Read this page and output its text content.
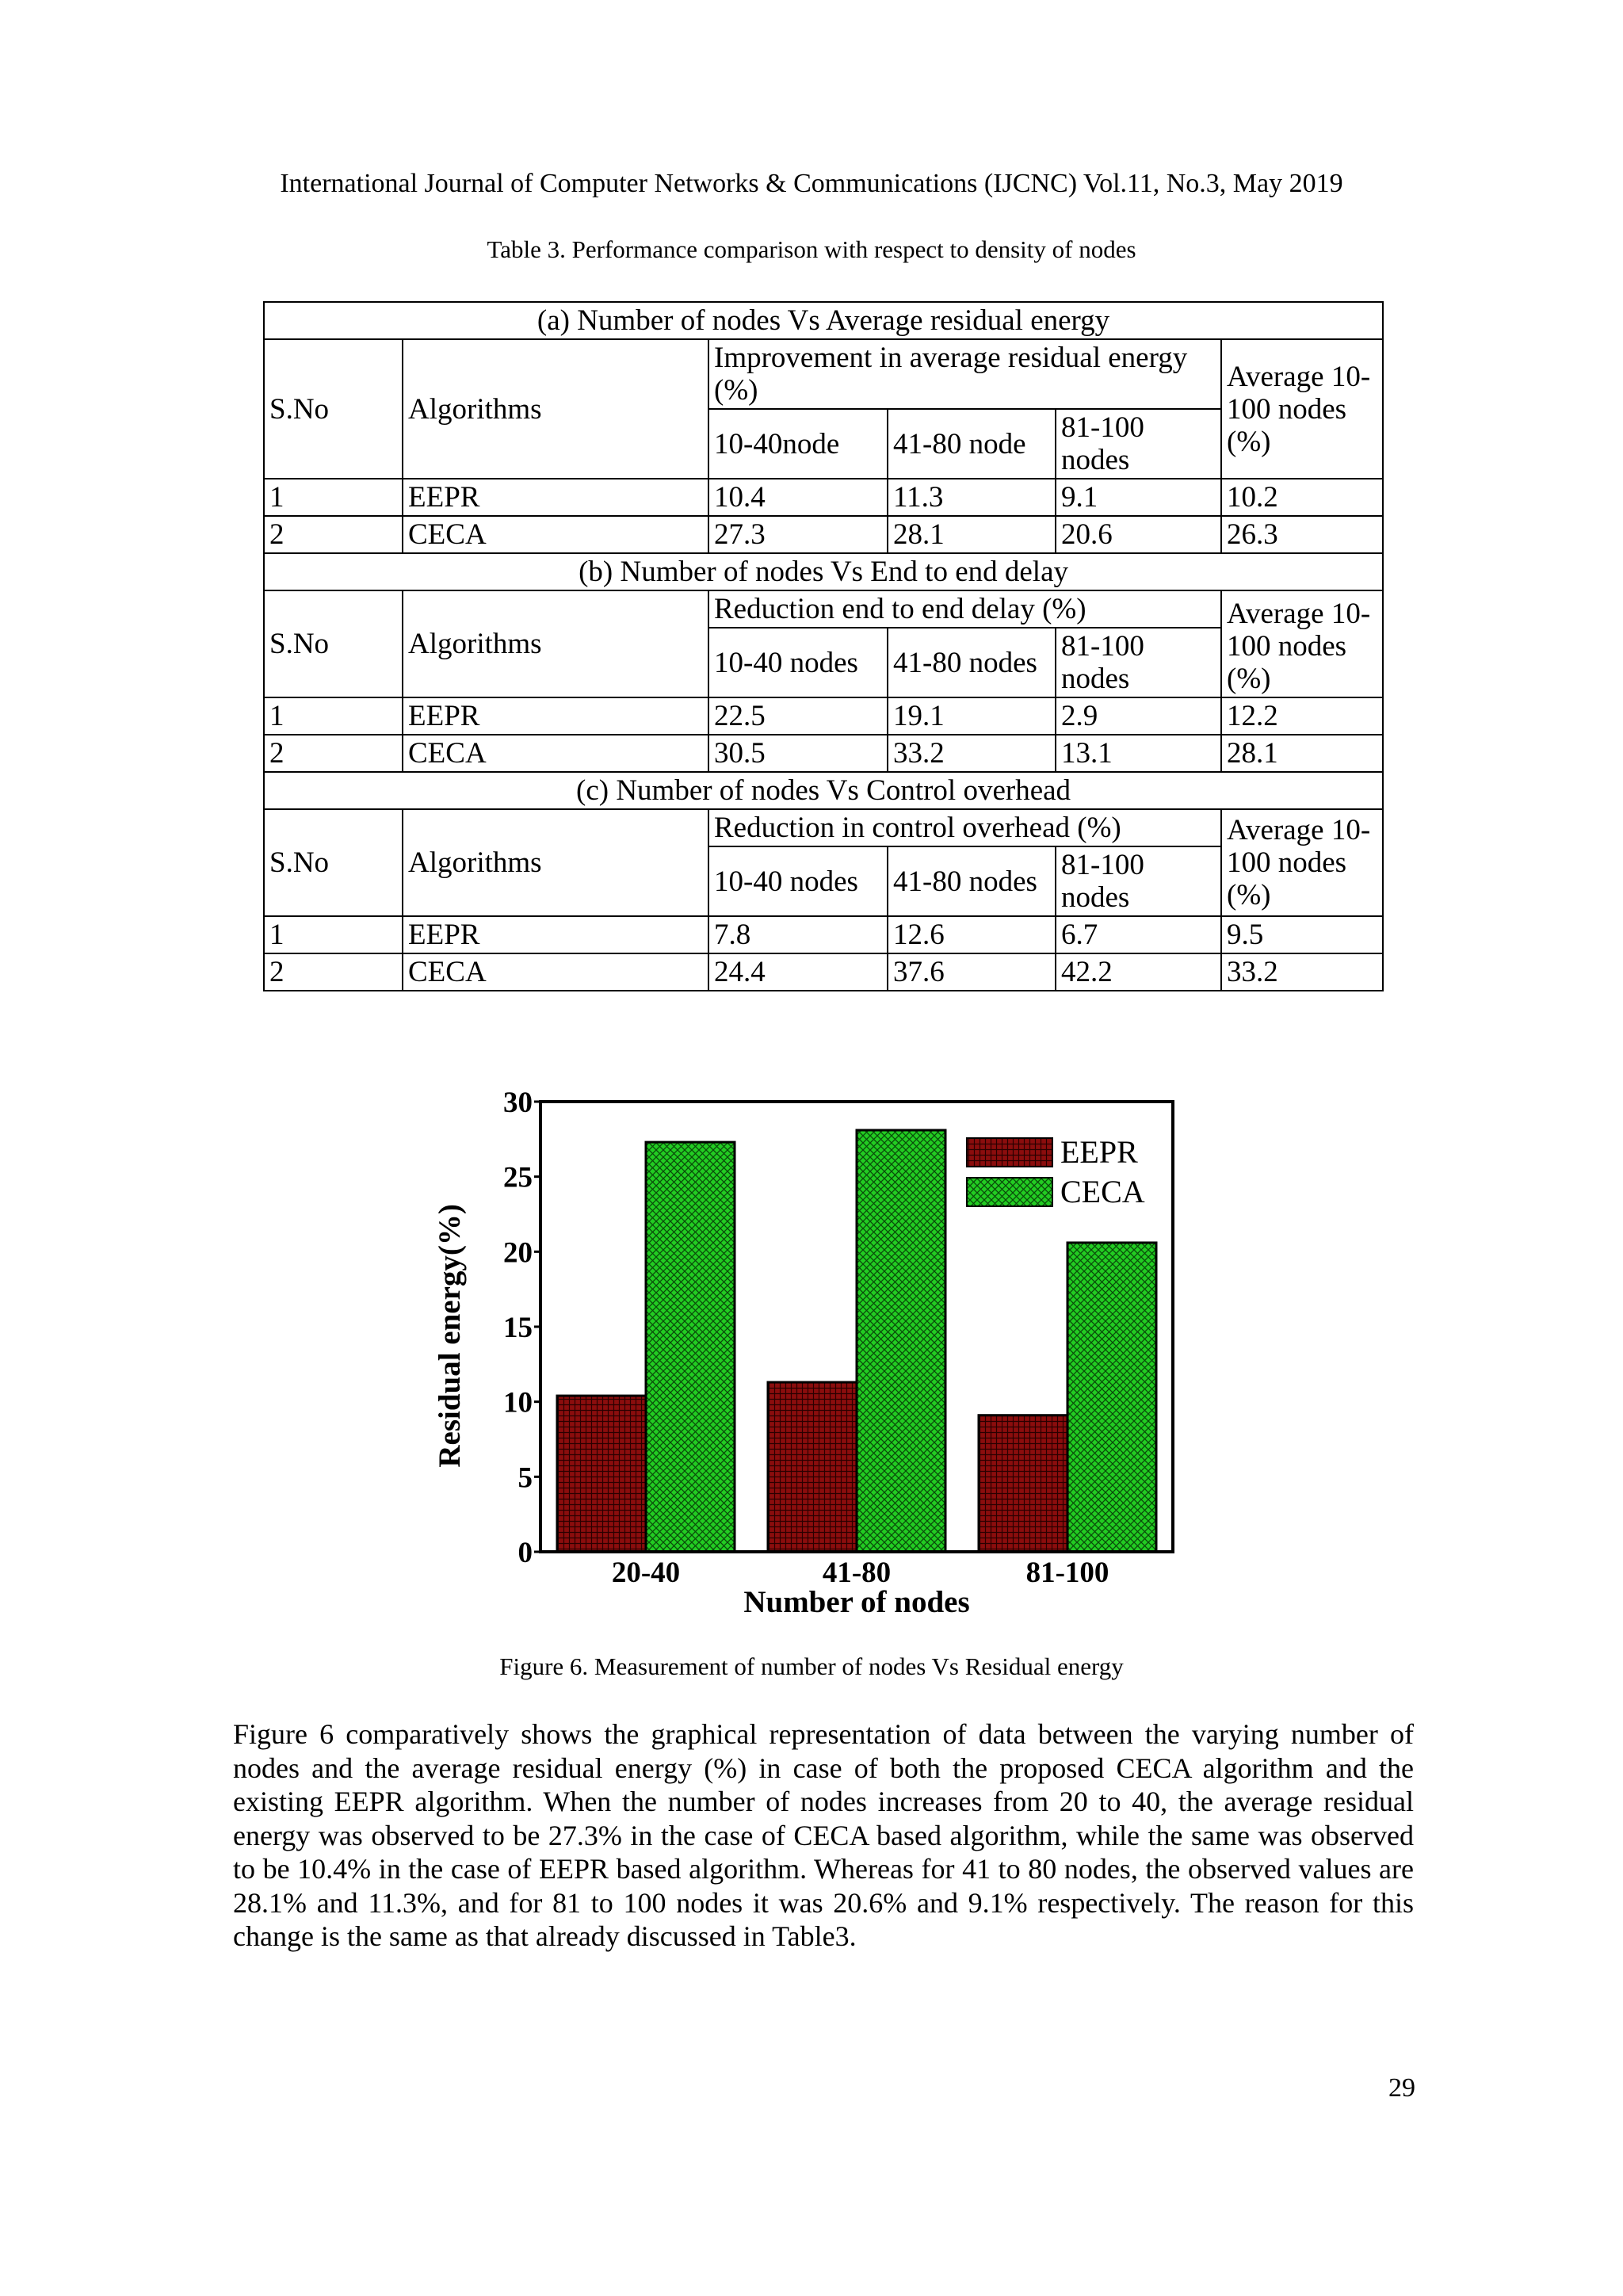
International Journal of Computer Networks & Communications (IJCNC) Vol.11, No.3, May 2019
Table 3. Performance comparison with respect to density of nodes
(a) Number of nodes Vs Average residual energy					
S.No	Algorithms	Improvement in average residual energy (%)			Average 10-100 nodes (%)
		10-40node	41-80 node	81-100 nodes	
1	EEPR	10.4	11.3	9.1	10.2
2	CECA	27.3	28.1	20.6	26.3
(b) Number of nodes Vs End to end delay					
S.No	Algorithms	Reduction end to end delay (%)			Average 10-100 nodes (%)
		10-40 nodes	41-80 nodes	81-100 nodes	
1	EEPR	22.5	19.1	2.9	12.2
2	CECA	30.5	33.2	13.1	28.1
(c) Number of nodes Vs Control overhead					
S.No	Algorithms	Reduction in control overhead (%)			Average 10-100 nodes (%)
		10-40 nodes	41-80 nodes	81-100 nodes	
1	EEPR	7.8	12.6	6.7	9.5
2	CECA	24.4	37.6	42.2	33.2
0
5
10
15
20
25
30
20-40	41-80	81-100
EEPR
CECA
Number of nodes
Residual energy(%)
Figure 6. Measurement of number of nodes Vs Residual energy
Figure 6 comparatively shows the graphical representation of data between the varying number of nodes and the average residual energy (%) in case of both the proposed CECA algorithm and the existing EEPR algorithm. When the number of nodes increases from 20 to 40, the average residual energy was observed to be 27.3% in the case of CECA based algorithm, while the same was observed to be 10.4% in the case of EEPR based algorithm. Whereas for 41 to 80 nodes, the observed values are 28.1% and 11.3%, and for 81 to 100 nodes it was 20.6% and 9.1% respectively. The reason for this change is the same as that already discussed in Table3.
29
